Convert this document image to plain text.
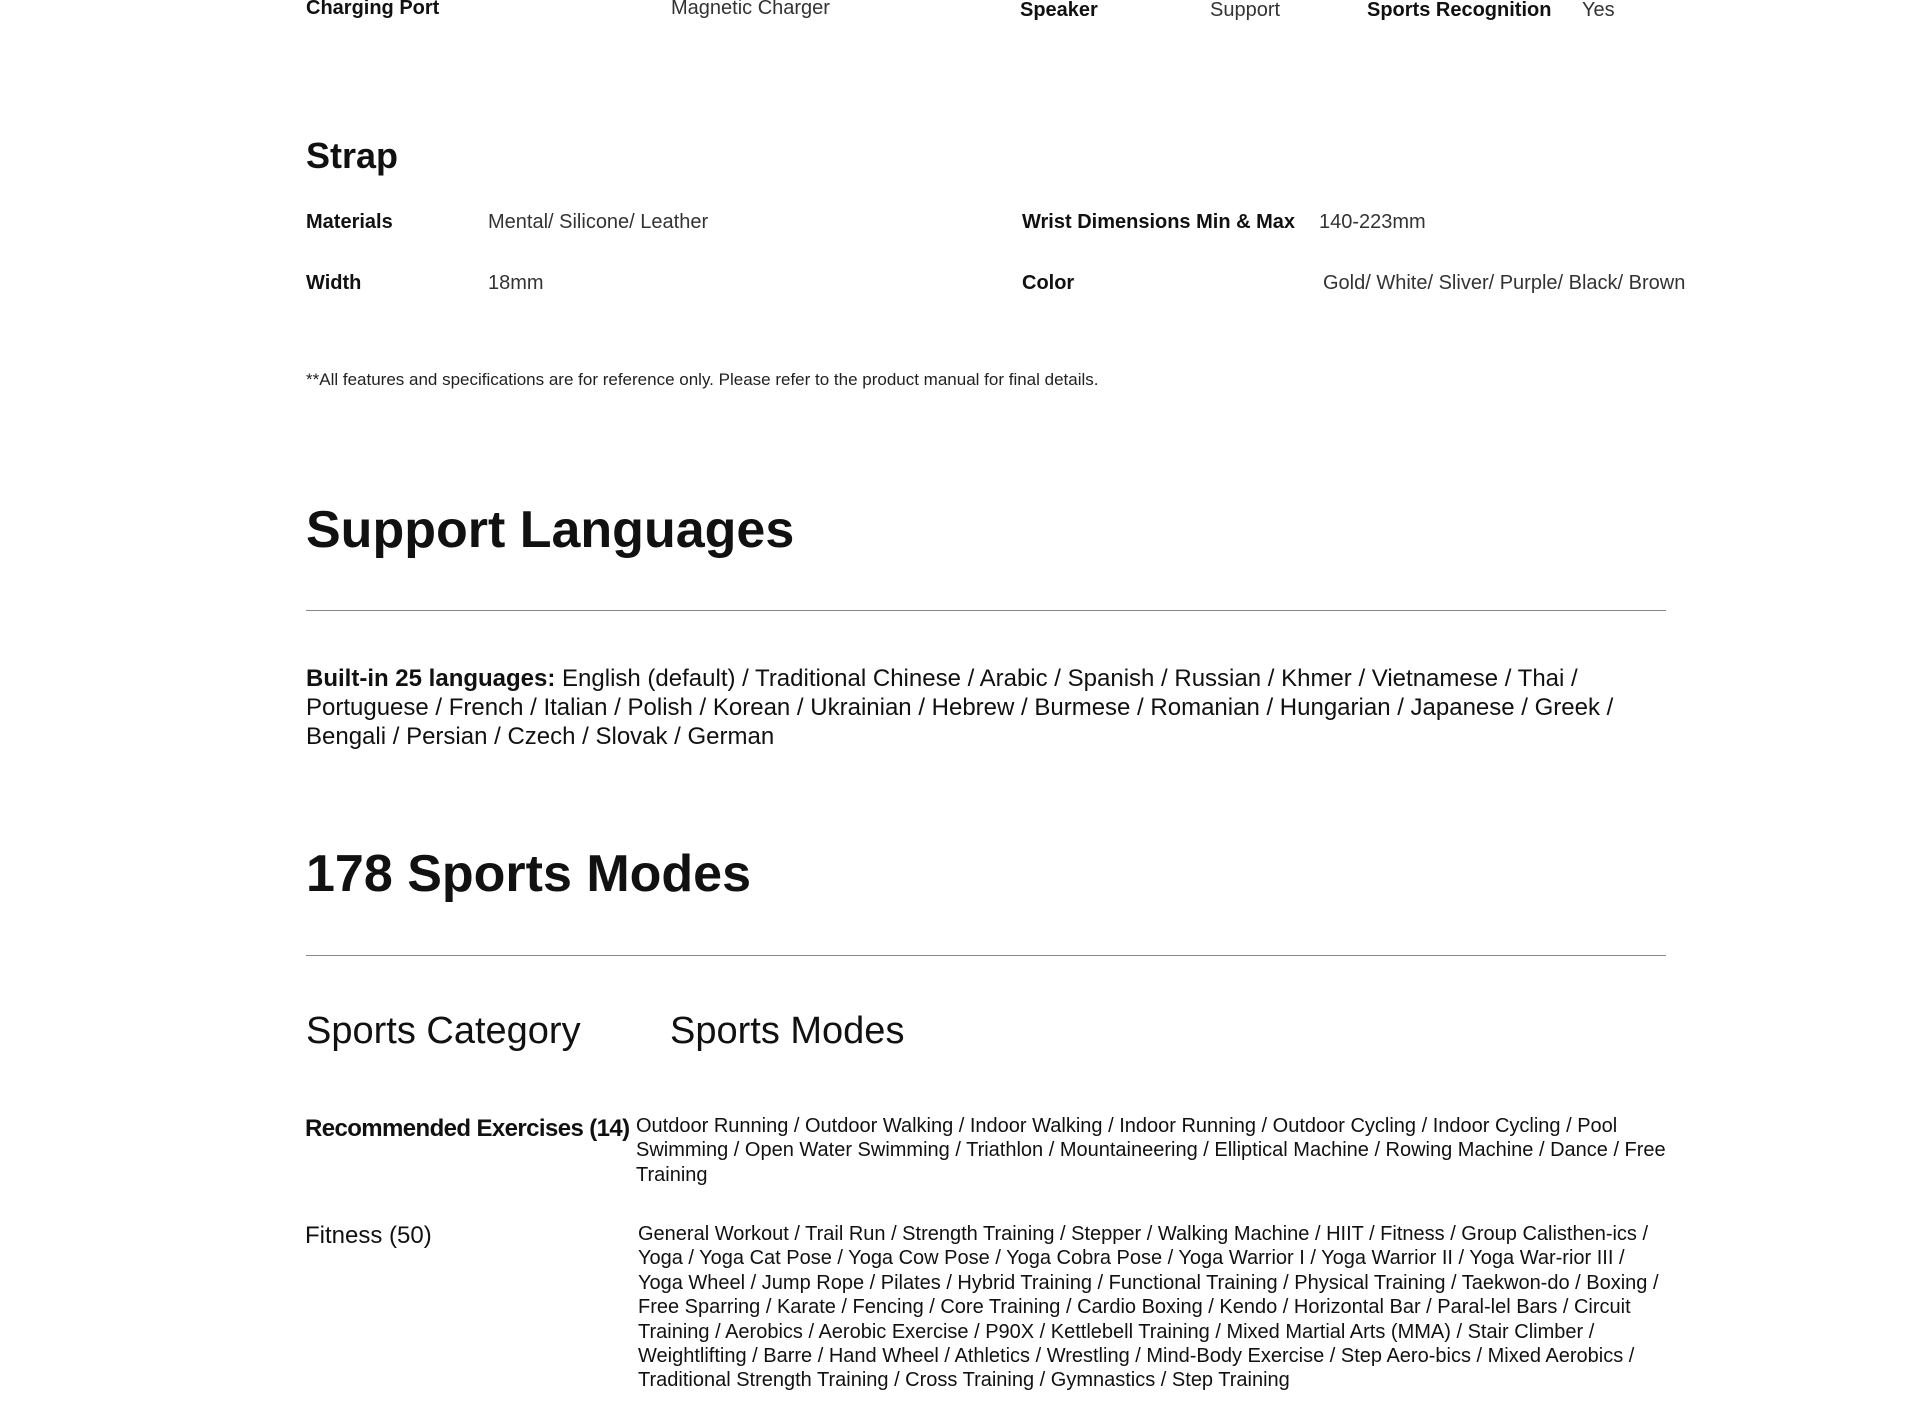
Charging Port	Magnetic Charger	Speaker	Support	Sports Recognition Yes
Strap
Materials	Mental/ Silicone/ Leather	Wrist Dimensions Min & Max 140-223mm
Width	18mm	Color	Gold/ White/ Sliver/ Purple/ Black/ Brown
**All features and specifications are for reference only. Please refer to the product manual for final details.
Support Languages
Built-in 25 languages: English (default) / Traditional Chinese / Arabic / Spanish / Russian / Khmer / Vietnamese / Thai / Portuguese / French / Italian / Polish / Korean / Ukrainian / Hebrew / Burmese / Romanian / Hungarian / Japanese / Greek / Bengali / Persian / Czech / Slovak / German
178 Sports Modes
Sports Category Sports Modes
Recommended Exercises (14) Outdoor Running / Outdoor Walking / Indoor Walking / Indoor Running / Outdoor Cycling / Indoor Cycling / Pool Swimming / Open Water Swimming / Triathlon / Mountaineering / Elliptical Machine / Rowing Machine / Dance / Free Training
Fitness (50)	General Workout / Trail Run / Strength Training / Stepper / Walking Machine / HIIT / Fitness / Group Calisthen-ics / Yoga / Yoga Cat Pose / Yoga Cow Pose / Yoga Cobra Pose / Yoga Warrior I / Yoga Warrior II / Yoga War-rior III / Yoga Wheel / Jump Rope / Pilates / Hybrid Training / Functional Training / Physical Training / Taekwon-do / Boxing / Free Sparring / Karate / Fencing / Core Training / Cardio Boxing / Kendo / Horizontal Bar / Paral-lel Bars / Circuit Training / Aerobics / Aerobic Exercise / P90X / Kettlebell Training / Mixed Martial Arts (MMA) / Stair Climber / Weightlifting / Barre / Hand Wheel / Athletics / Wrestling / Mind-Body Exercise / Step Aero-bics / Mixed Aerobics / Traditional Strength Training / Cross Training / Gymnastics / Step Training
